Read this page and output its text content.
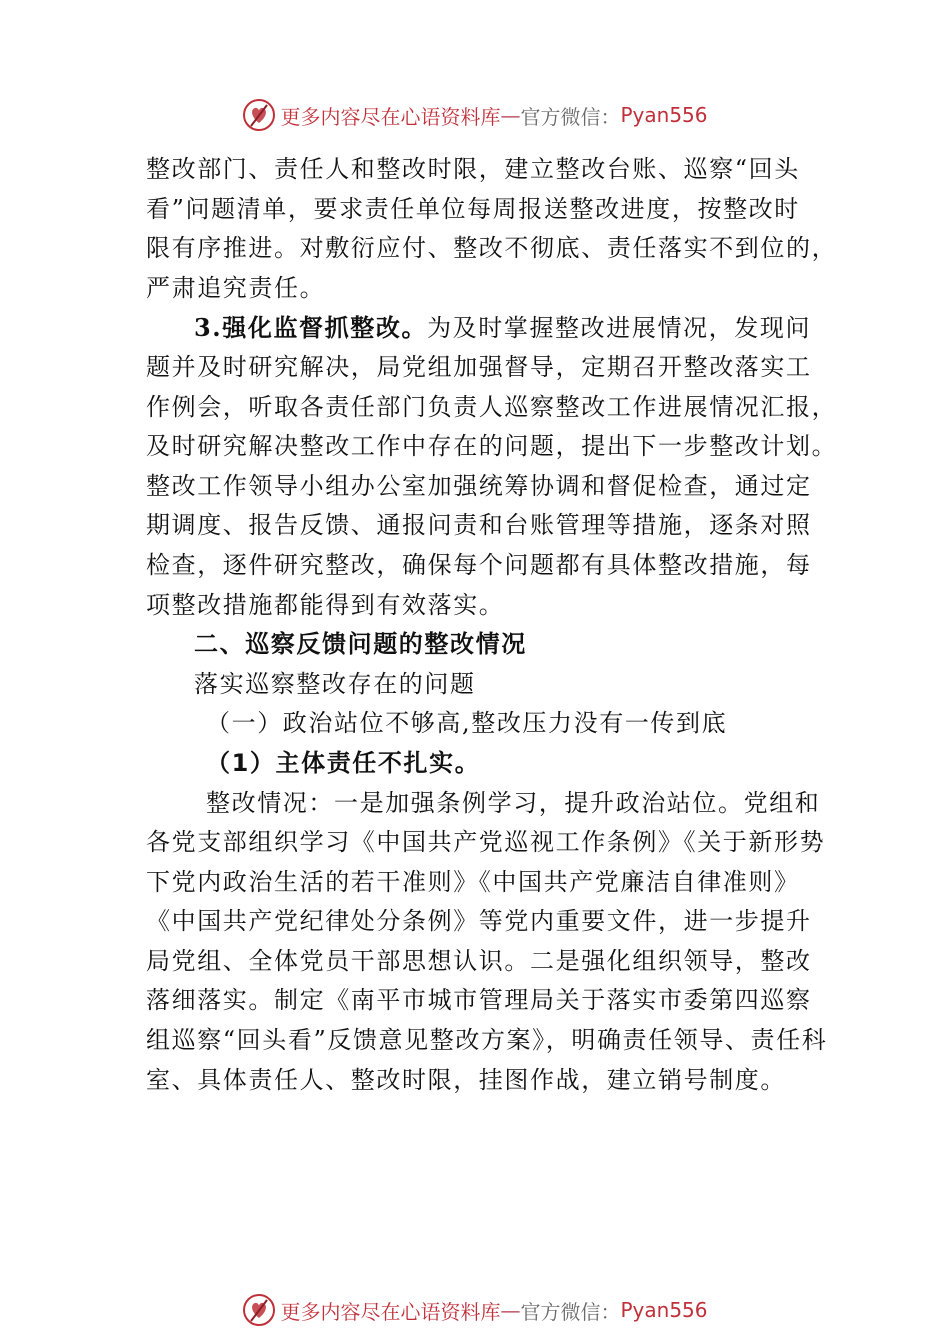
更多内容尽在心语资料库 — 官方微信： Pyan556
整改部门、责任人和整改时限，建立整改台账、巡察“回头
看”问题清单，要求责任单位每周报送整改进度，按整改时
限有序推进。对敷衍应付、整改不彻底、责任落实不到位的，
严肃追究责任。
3.强化监督抓整改。为及时掌握整改进展情况，发现问
题并及时研究解决，局党组加强督导，定期召开整改落实工
作例会，听取各责任部门负责人巡察整改工作进展情况汇报，
及时研究解决整改工作中存在的问题，提出下一步整改计划。
整改工作领导小组办公室加强统筹协调和督促检查，通过定
期调度、报告反馈、通报问责和台账管理等措施，逐条对照
检查，逐件研究整改，确保每个问题都有具体整改措施，每
项整改措施都能得到有效落实。
二、巡察反馈问题的整改情况
落实巡察整改存在的问题
（一）政治站位不够高,整改压力没有一传到底
（1）主体责任不扎实。
整改情况：一是加强条例学习，提升政治站位。党组和
各党支部组织学习《中国共产党巡视工作条例》《关于新形势
下党内政治生活的若干准则》《中国共产党廉洁自律准则》
《中国共产党纪律处分条例》等党内重要文件，进一步提升
局党组、全体党员干部思想认识。二是强化组织领导，整改
落细落实。制定《南平市城市管理局关于落实市委第四巡察
组巡察“回头看”反馈意见整改方案》，明确责任领导、责任科
室、具体责任人、整改时限，挂图作战，建立销号制度。
更多内容尽在心语资料库 — 官方微信： Pyan556
